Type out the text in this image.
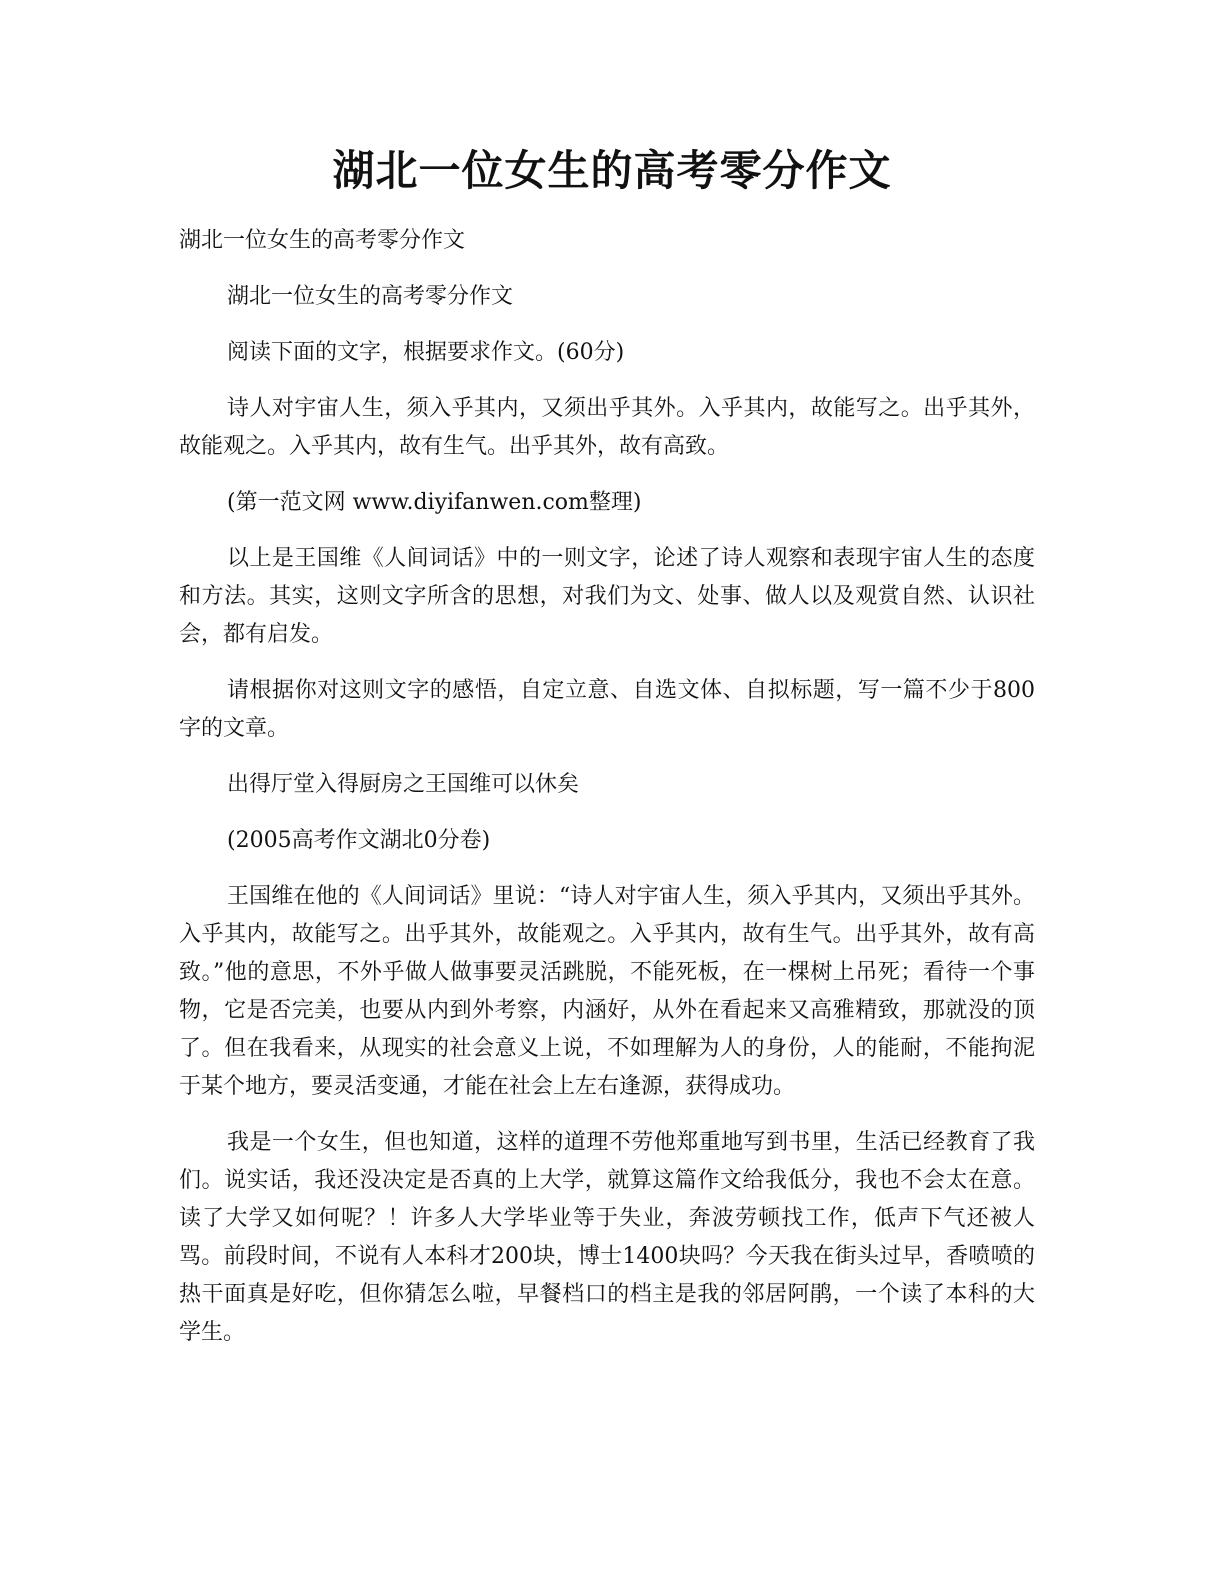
湖北一位女生的高考零分作文

湖北一位女生的高考零分作文

湖北一位女生的高考零分作文

阅读下面的文字，根据要求作文。(60分)

诗人对宇宙人生，须入乎其内，又须出乎其外。入乎其内，故能写之。出乎其外，故能观之。入乎其内，故有生气。出乎其外，故有高致。

(第一范文网 www.diyifanwen.com整理)

以上是王国维《人间词话》中的一则文字，论述了诗人观察和表现宇宙人生的态度和方法。其实，这则文字所含的思想，对我们为文、处事、做人以及观赏自然、认识社会，都有启发。

请根据你对这则文字的感悟，自定立意、自选文体、自拟标题，写一篇不少于800字的文章。

出得厅堂入得厨房之王国维可以休矣

(2005高考作文湖北0分卷)

王国维在他的《人间词话》里说：“诗人对宇宙人生，须入乎其内，又须出乎其外。入乎其内，故能写之。出乎其外，故能观之。入乎其内，故有生气。出乎其外，故有高致。”他的意思，不外乎做人做事要灵活跳脱，不能死板，在一棵树上吊死；看待一个事物，它是否完美，也要从内到外考察，内涵好，从外在看起来又高雅精致，那就没的顶了。但在我看来，从现实的社会意义上说，不如理解为人的身份，人的能耐，不能拘泥于某个地方，要灵活变通，才能在社会上左右逢源，获得成功。

我是一个女生，但也知道，这样的道理不劳他郑重地写到书里，生活已经教育了我们。说实话，我还没决定是否真的上大学，就算这篇作文给我低分，我也不会太在意。读了大学又如何呢？！许多人大学毕业等于失业，奔波劳顿找工作，低声下气还被人骂。前段时间，不说有人本科才200块，博士1400块吗？今天我在街头过早，香喷喷的热干面真是好吃，但你猜怎么啦，早餐档口的档主是我的邻居阿鹃，一个读了本科的大学生。
